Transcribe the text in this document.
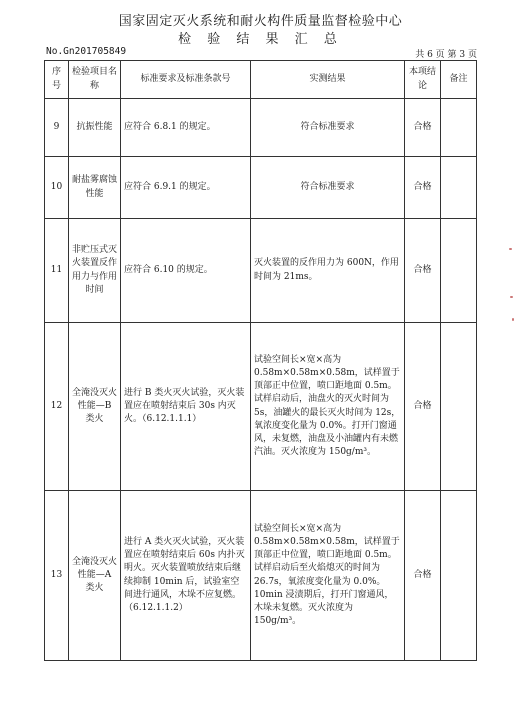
国家固定灭火系统和耐火构件质量监督检验中心
检 验 结 果 汇 总
No.Gn201705849	共 6 页 第 3 页
序号	检验项目名称	标准要求及标准条款号	实测结果	本项结论	备注
9	抗振性能	应符合 6.8.1 的规定。	符合标准要求	合格	
10	耐盐雾腐蚀性能	应符合 6.9.1 的规定。	符合标准要求	合格	
11	非贮压式灭火装置反作用力与作用时间	应符合 6.10 的规定。	灭火装置的反作用力为 600N，作用时间为 21ms。	合格	
12	全淹没灭火性能—B 类火	进行 B 类火灭火试验，灭火装置应在喷射结束后 30s 内灭火。（6.12.1.1.1）	试验空间长×宽×高为 0.58m×0.58m×0.58m，试样置于顶部正中位置，喷口距地面 0.5m。试样启动后，油盘火的灭火时间为 5s，油罐火的最长灭火时间为 12s，氧浓度变化量为 0.0%。打开门窗通风，未复燃，油盘及小油罐内有未燃汽油。灭火浓度为 150g/m³。	合格	
13	全淹没灭火性能—A 类火	进行 A 类火灭火试验，灭火装置应在喷射结束后 60s 内扑灭明火。灭火装置喷放结束后继续抑制 10min 后，试验室空间进行通风，木垛不应复燃。（6.12.1.1.2）	试验空间长×宽×高为 0.58m×0.58m×0.58m，试样置于顶部正中位置，喷口距地面 0.5m。试样启动后至火焰熄灭的时间为 26.7s，氧浓度变化量为 0.0%。10min 浸渍期后，打开门窗通风，木垛未复燃。灭火浓度为 150g/m³。	合格	
